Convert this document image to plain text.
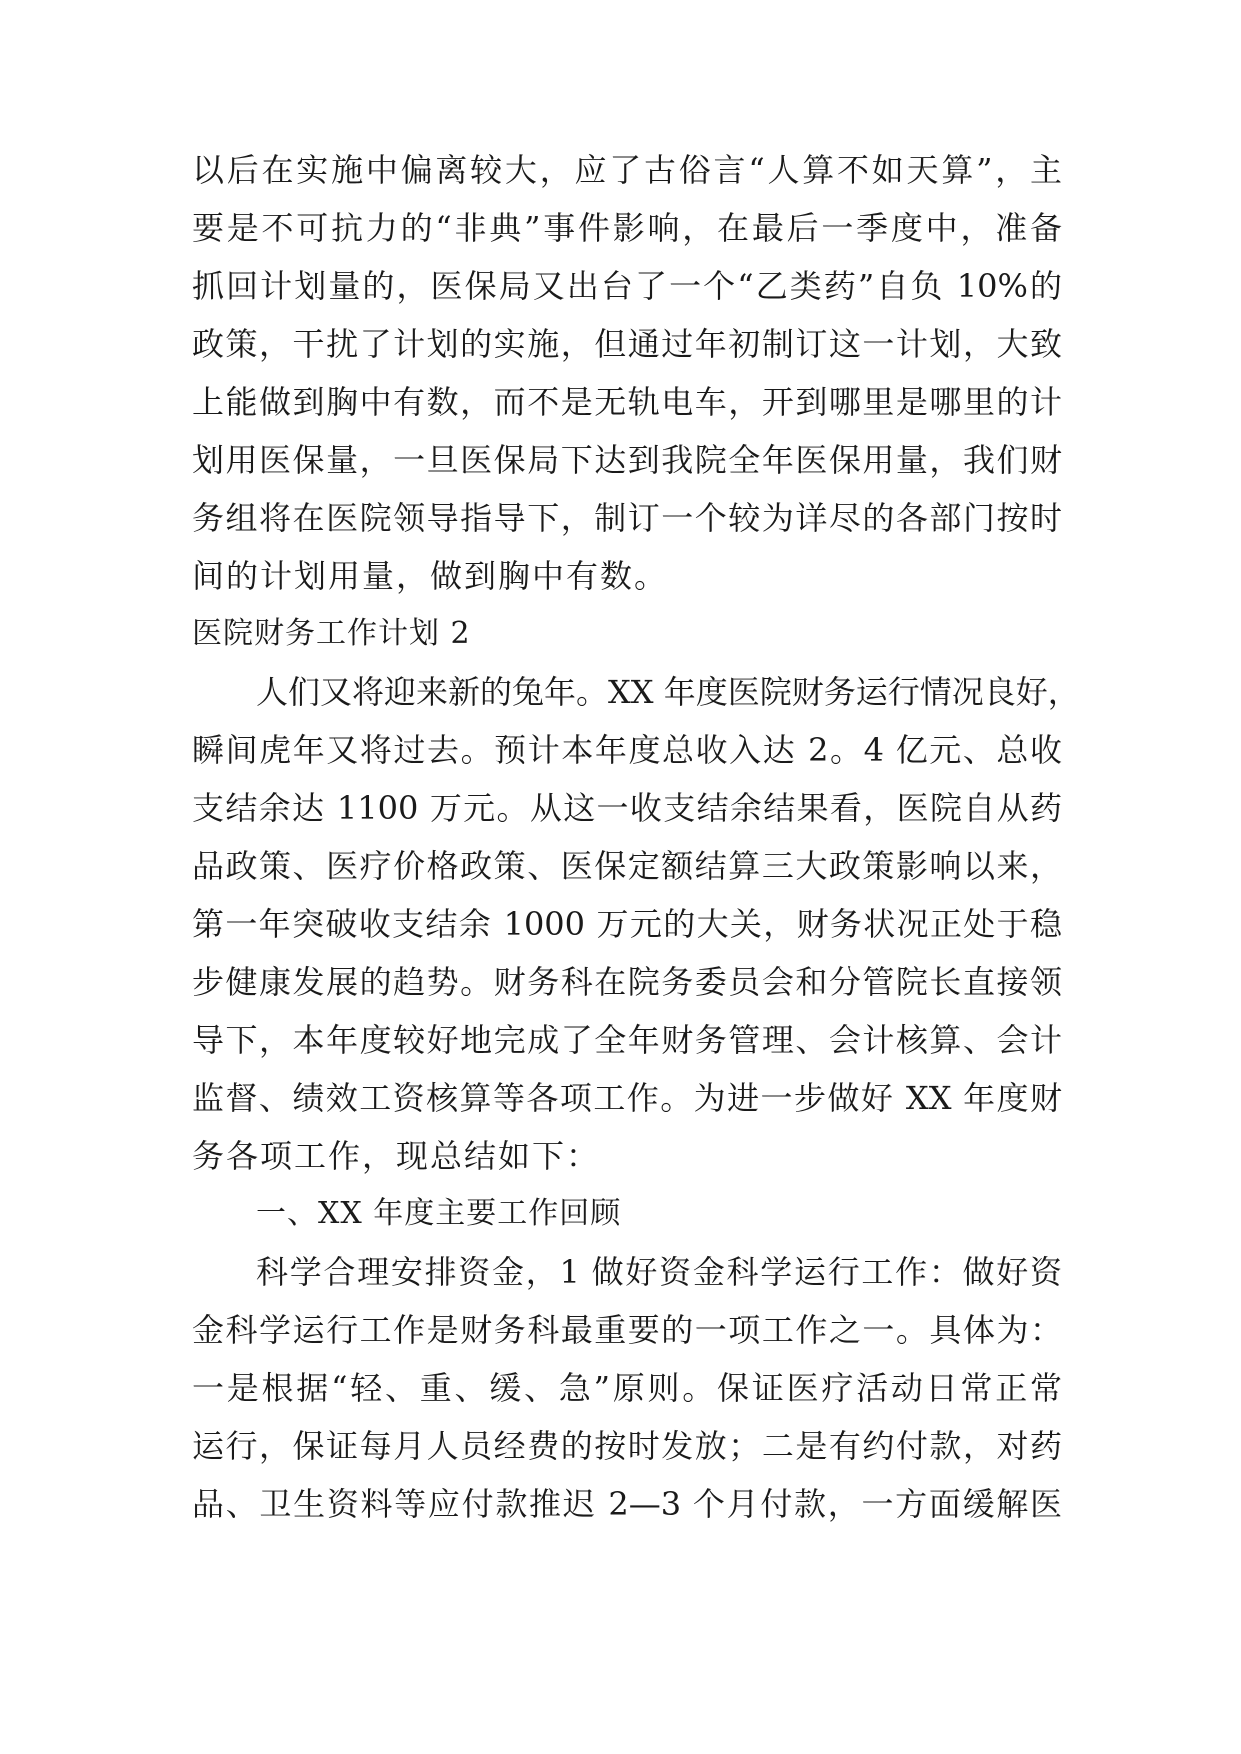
以后在实施中偏离较大，应了古俗言“人算不如天算”，主
要是不可抗力的“非典”事件影响，在最后一季度中，准备
抓回计划量的，医保局又出台了一个“乙类药”自负 10%的
政策，干扰了计划的实施，但通过年初制订这一计划，大致
上能做到胸中有数，而不是无轨电车，开到哪里是哪里的计
划用医保量，一旦医保局下达到我院全年医保用量，我们财
务组将在医院领导指导下，制订一个较为详尽的各部门按时
间的计划用量，做到胸中有数。
医院财务工作计划 2
人们又将迎来新的兔年。XX 年度医院财务运行情况良好，
瞬间虎年又将过去。预计本年度总收入达 2。4 亿元、总收
支结余达 1100 万元。从这一收支结余结果看，医院自从药
品政策、医疗价格政策、医保定额结算三大政策影响以来，
第一年突破收支结余 1000 万元的大关，财务状况正处于稳
步健康发展的趋势。财务科在院务委员会和分管院长直接领
导下，本年度较好地完成了全年财务管理、会计核算、会计
监督、绩效工资核算等各项工作。为进一步做好 XX 年度财
务各项工作，现总结如下：
一、XX 年度主要工作回顾
科学合理安排资金，1 做好资金科学运行工作：做好资
金科学运行工作是财务科最重要的一项工作之一。具体为：
一是根据“轻、重、缓、急”原则。保证医疗活动日常正常
运行，保证每月人员经费的按时发放；二是有约付款，对药
品、卫生资料等应付款推迟 2—3 个月付款，一方面缓解医
